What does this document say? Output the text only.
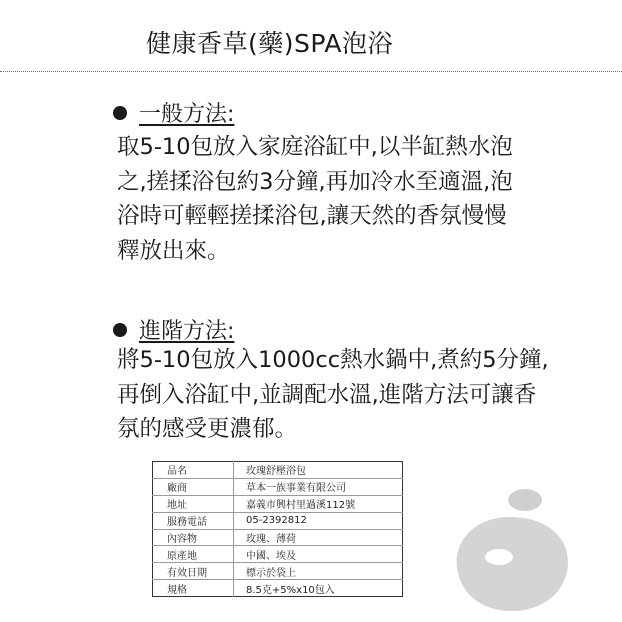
健康香草(藥)SPA泡浴
一般方法:
取5-10包放入家庭浴缸中,以半缸熱水泡
之,搓揉浴包約3分鐘,再加冷水至適溫,泡
浴時可輕輕搓揉浴包,讓天然的香氛慢慢
釋放出來。
進階方法:
將5-10包放入1000cc熱水鍋中,煮約5分鐘,
再倒入浴缸中,並調配水溫,進階方法可讓香
氛的感受更濃郁。
品名	玫瑰舒壓浴包
廠商	草本一族事業有限公司
地址	嘉義市興村里過溪112號
服務電話	05-2392812
內容物	玫瑰、薄荷
原產地	中國、埃及
有效日期	標示於袋上
規格	8.5克+5%x10包入
